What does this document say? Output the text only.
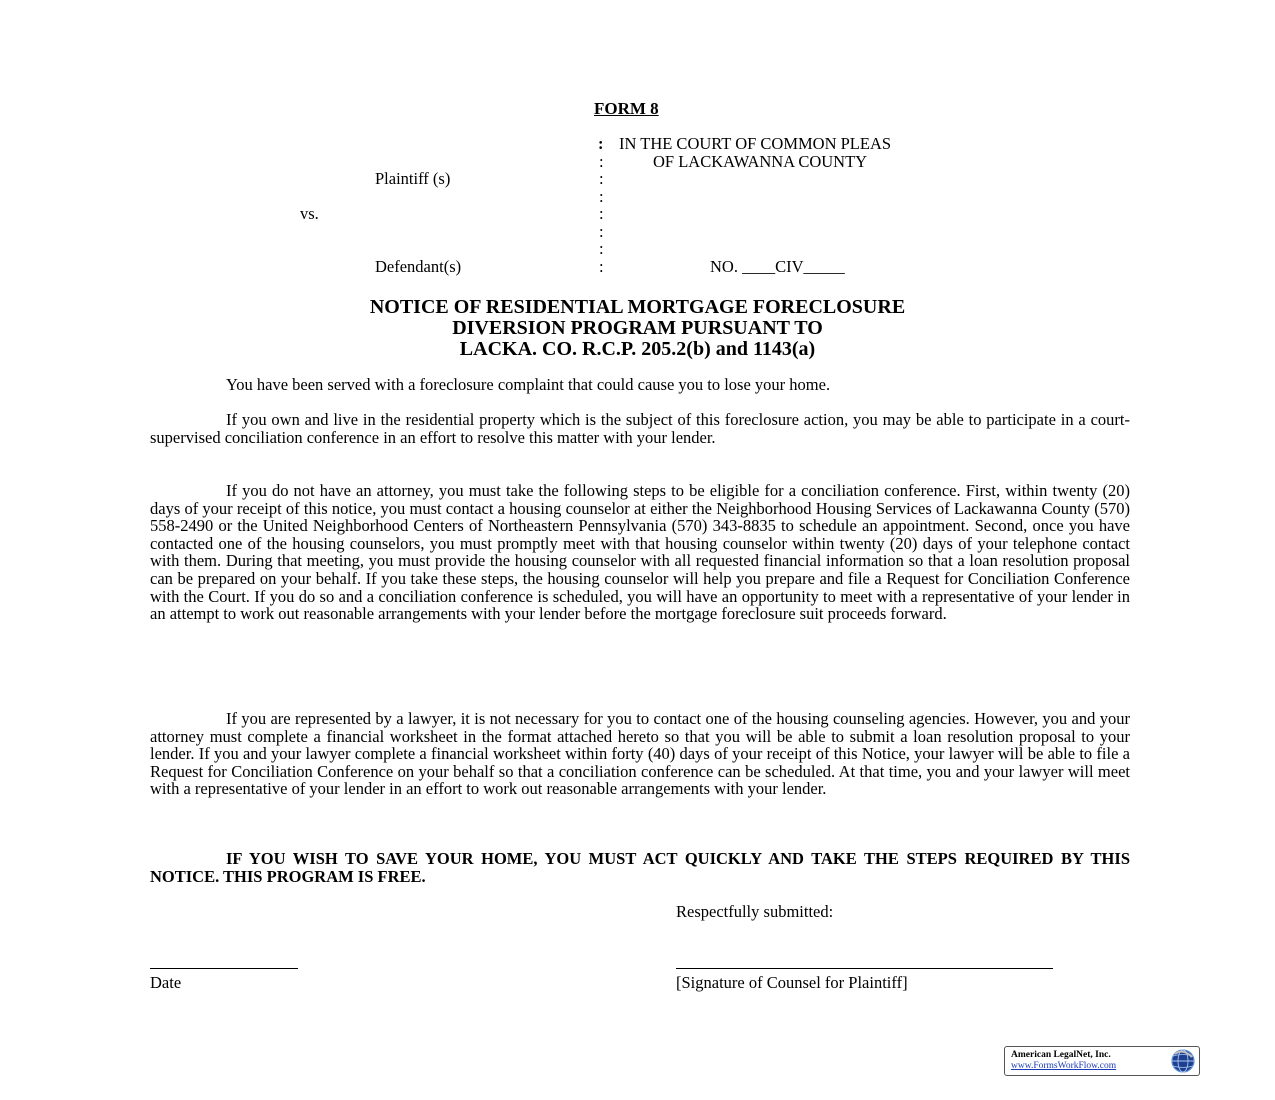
FORM 8
:
:
:
:
:
:
:
:
IN THE COURT OF COMMON PLEAS
OF LACKAWANNA COUNTY
Plaintiff (s)
vs.
Defendant(s)	NO. ____CIV_____
NOTICE OF RESIDENTIAL MORTGAGE FORECLOSURE
DIVERSION PROGRAM PURSUANT TO
LACKA. CO. R.C.P. 205.2(b) and 1143(a)
You have been served with a foreclosure complaint that could cause you to lose your home.
If you own and live in the residential property which is the subject of this foreclosure action, you may be able to participate in a court-supervised conciliation conference in an effort to resolve this matter with your lender.
If you do not have an attorney, you must take the following steps to be eligible for a conciliation conference. First, within twenty (20) days of your receipt of this notice, you must contact a housing counselor at either the Neighborhood Housing Services of Lackawanna County (570) 558-2490 or the United Neighborhood Centers of Northeastern Pennsylvania (570) 343-8835 to schedule an appointment. Second, once you have contacted one of the housing counselors, you must promptly meet with that housing counselor within twenty (20) days of your telephone contact with them. During that meeting, you must provide the housing counselor with all requested financial information so that a loan resolution proposal can be prepared on your behalf. If you take these steps, the housing counselor will help you prepare and file a Request for Conciliation Conference with the Court. If you do so and a conciliation conference is scheduled, you will have an opportunity to meet with a representative of your lender in an attempt to work out reasonable arrangements with your lender before the mortgage foreclosure suit proceeds forward.
If you are represented by a lawyer, it is not necessary for you to contact one of the housing counseling agencies. However, you and your attorney must complete a financial worksheet in the format attached hereto so that you will be able to submit a loan resolution proposal to your lender. If you and your lawyer complete a financial worksheet within forty (40) days of your receipt of this Notice, your lawyer will be able to file a Request for Conciliation Conference on your behalf so that a conciliation conference can be scheduled. At that time, you and your lawyer will meet with a representative of your lender in an effort to work out reasonable arrangements with your lender.
IF YOU WISH TO SAVE YOUR HOME, YOU MUST ACT QUICKLY AND TAKE THE STEPS REQUIRED BY THIS NOTICE. THIS PROGRAM IS FREE.
Respectfully submitted:
Date	[Signature of Counsel for Plaintiff]
American LegalNet, Inc.
www.FormsWorkFlow.com
